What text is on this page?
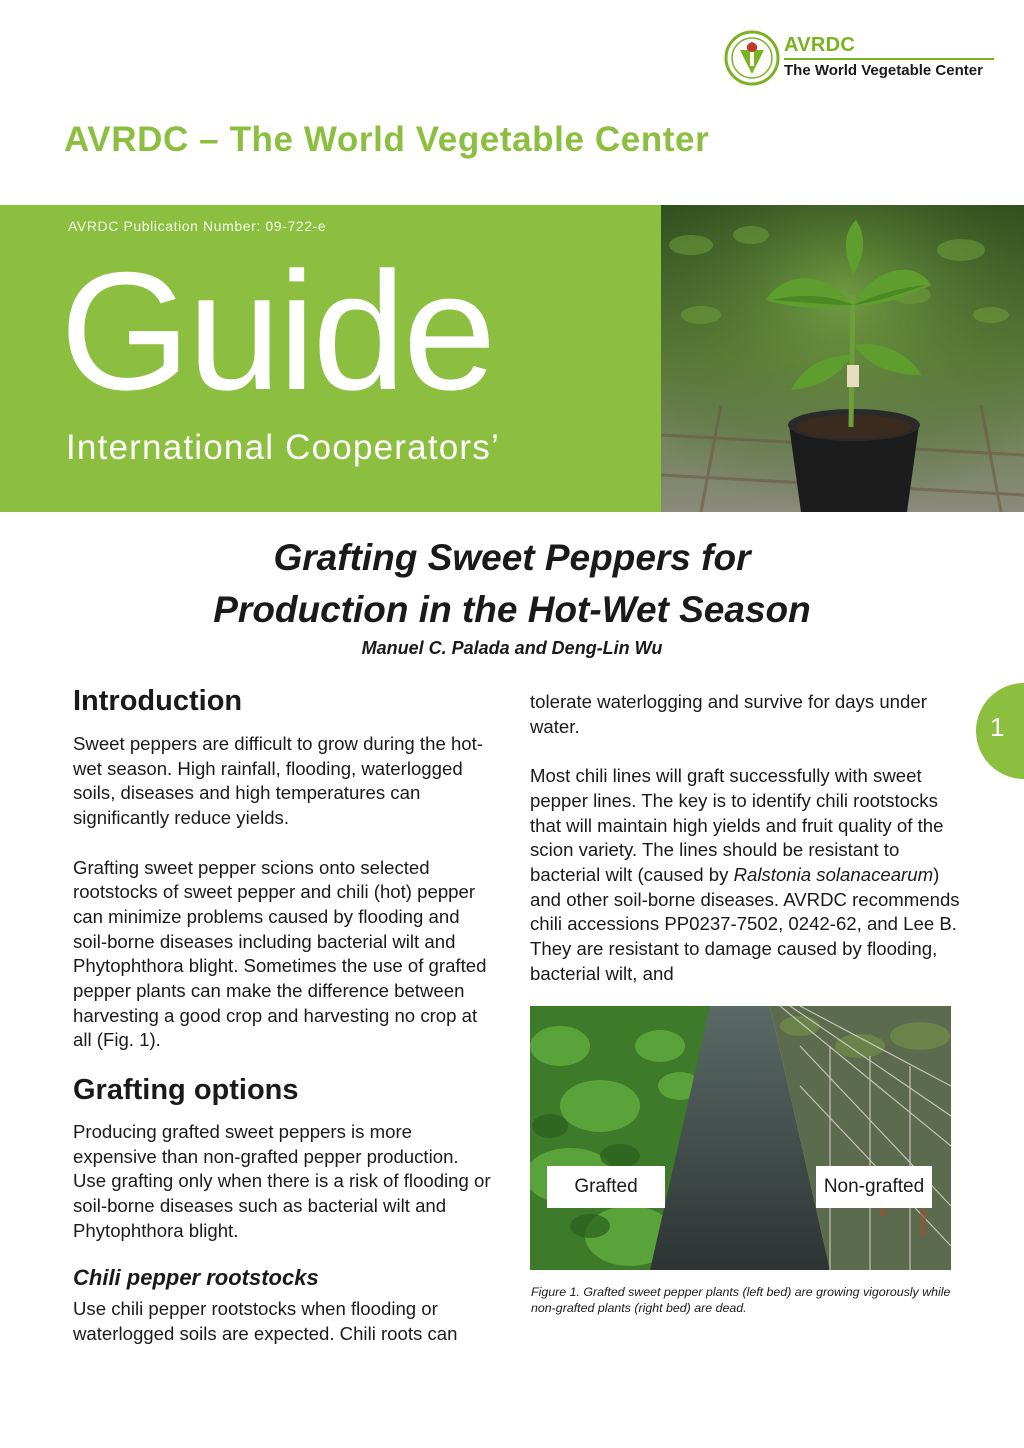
AVRDC
The World Vegetable Center
AVRDC – The World Vegetable Center
AVRDC Publication Number: 09-722-e
Guide
International Cooperators’
Grafting Sweet Peppers for
Production in the Hot-Wet Season
Manuel C. Palada and Deng-Lin Wu
1
Introduction
Sweet peppers are difficult to grow during the hot-wet season. High rainfall, flooding, waterlogged soils, diseases and high temperatures can significantly reduce yields.
Grafting sweet pepper scions onto selected rootstocks of sweet pepper and chili (hot) pepper can minimize problems caused by flooding and soil-borne diseases including bacterial wilt and Phytophthora blight. Sometimes the use of grafted pepper plants can make the difference between harvesting a good crop and harvesting no crop at all (Fig. 1).
Grafting options
Producing grafted sweet peppers is more expensive than non-grafted pepper production. Use grafting only when there is a risk of flooding or soil-borne diseases such as bacterial wilt and Phytophthora blight.
Chili pepper rootstocks
Use chili pepper rootstocks when flooding or waterlogged soils are expected. Chili roots can
tolerate waterlogging and survive for days under water.
Most chili lines will graft successfully with sweet pepper lines. The key is to identify chili rootstocks that will maintain high yields and fruit quality of the scion variety. The lines should be resistant to bacterial wilt (caused by Ralstonia solanacearum) and other soil-borne diseases. AVRDC recommends chili accessions PP0237-7502, 0242-62, and Lee B. They are resistant to damage caused by flooding, bacterial wilt, and
Grafted	Non-grafted
Figure 1. Grafted sweet pepper plants (left bed) are growing vigorously while non-grafted plants (right bed) are dead.
